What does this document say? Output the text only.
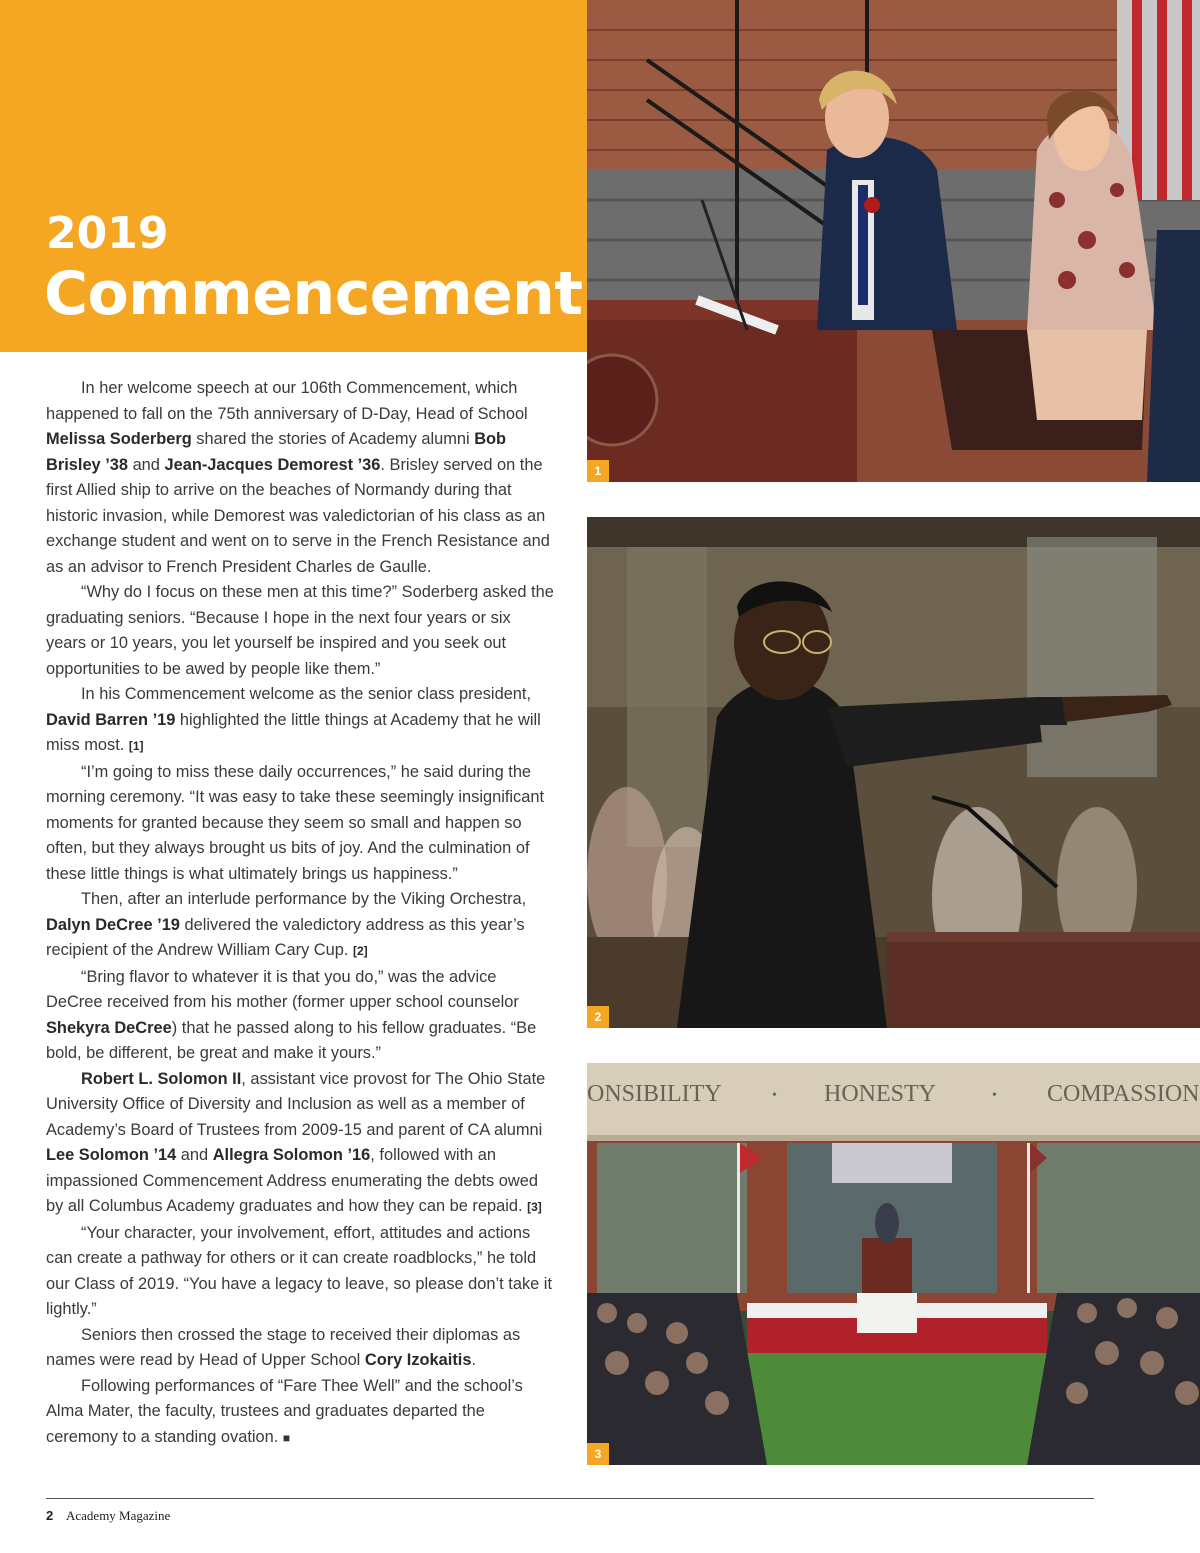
2019
Commencement

In her welcome speech at our 106th Commencement, which happened to fall on the 75th anniversary of D-Day, Head of School Melissa Soderberg shared the stories of Academy alumni Bob Brisley ’38 and Jean-Jacques Demorest ’36. Brisley served on the first Allied ship to arrive on the beaches of Normandy during that historic invasion, while Demorest was valedictorian of his class as an exchange student and went on to serve in the French Resistance and as an advisor to French President Charles de Gaulle.

“Why do I focus on these men at this time?” Soderberg asked the graduating seniors. “Because I hope in the next four years or six years or 10 years, you let yourself be inspired and you seek out opportunities to be awed by people like them.”

In his Commencement welcome as the senior class president, David Barren ’19 highlighted the little things at Academy that he will miss most. [1]

“I’m going to miss these daily occurrences,” he said during the morning ceremony. “It was easy to take these seemingly insignificant moments for granted because they seem so small and happen so often, but they always brought us bits of joy. And the culmination of these little things is what ultimately brings us happiness.”

Then, after an interlude performance by the Viking Orchestra, Dalyn DeCree ’19 delivered the valedictory address as this year’s recipient of the Andrew William Cary Cup. [2]

“Bring flavor to whatever it is that you do,” was the advice DeCree received from his mother (former upper school counselor Shekyra DeCree) that he passed along to his fellow graduates. “Be bold, be different, be great and make it yours.”

Robert L. Solomon II, assistant vice provost for The Ohio State University Office of Diversity and Inclusion as well as a member of Academy’s Board of Trustees from 2009-15 and parent of CA alumni Lee Solomon ’14 and Allegra Solomon ’16, followed with an impassioned Commencement Address enumerating the debts owed by all Columbus Academy graduates and how they can be repaid. [3]

“Your character, your involvement, effort, attitudes and actions can create a pathway for others or it can create roadblocks,” he told our Class of 2019. “You have a legacy to leave, so please don’t take it lightly.”

Seniors then crossed the stage to received their diplomas as names were read by Head of Upper School Cory Izokaitis.

Following performances of “Fare Thee Well” and the school’s Alma Mater, the faculty, trustees and graduates departed the ceremony to a standing ovation. ■

1
2
ONSIBILITY	• HONESTY	• COMPASSION
3
2 Academy Magazine
